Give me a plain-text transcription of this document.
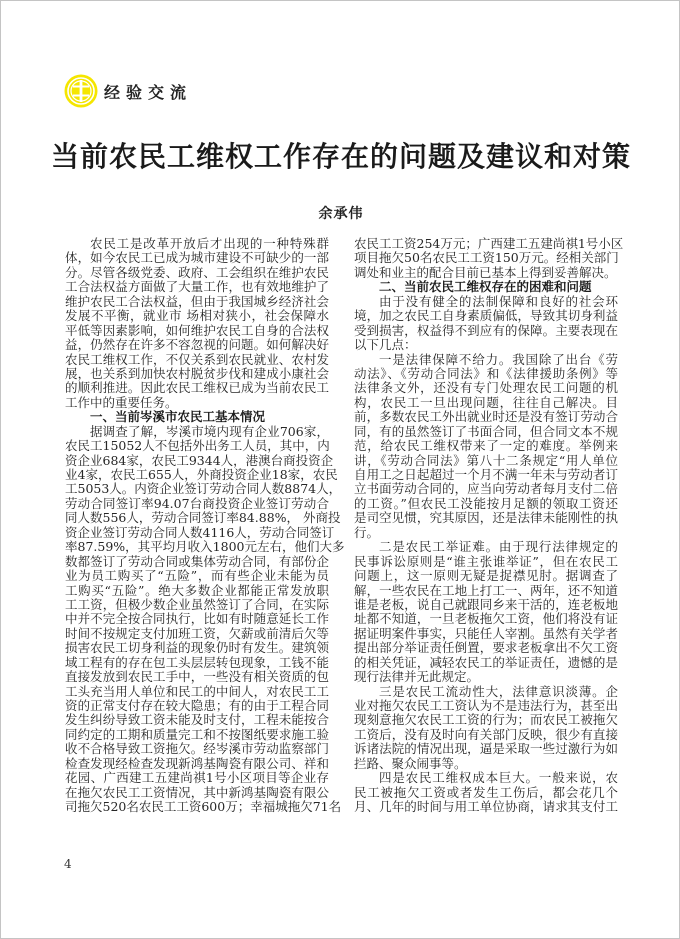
经验交流
当前农民工维权工作存在的问题及建议和对策
余承伟
农民工是改革开放后才出现的一种特殊群
体，如今农民工已成为城市建设不可缺少的一部
分。尽管各级党委、政府、工会组织在维护农民
工合法权益方面做了大量工作，也有效地维护了
维护农民工合法权益，但由于我国城乡经济社会
发展不平衡，就业市 场相对狭小，社会保障水
平低等因素影响，如何维护农民工自身的合法权
益，仍然存在许多不容忽视的问题。如何解决好
农民工维权工作，不仅关系到农民就业、农村发
展，也关系到加快农村脱贫步伐和建成小康社会
的顺利推进。因此农民工维权已成为当前农民工
工作中的重要任务。
一、当前岑溪市农民工基本情况
据调查了解，岑溪市境内现有企业706家，
农民工15052人不包括外出务工人员，其中，内
资企业684家，农民工9344人，港澳台商投资企
业4家，农民工655人，外商投资企业18家，农民
工5053人。内资企业签订劳动合同人数8874人，
劳动合同签订率94.07台商投资企业签订劳动合
同人数556人，劳动合同签订率84.88%， 外商投
资企业签订劳动合同人数4116人，劳动合同签订
率87.59%，其平均月收入1800元左右，他们大多
数都签订了劳动合同或集体劳动合同，有部份企
业为员工购买了“五险”，而有些企业未能为员
工购买“五险”。绝大多数企业都能正常发放职
工工资，但极少数企业虽然签订了合同，在实际
中并不完全按合同执行，比如有时随意延长工作
时间不按规定支付加班工资，欠薪或前清后欠等
损害农民工切身利益的现象仍时有发生。建筑领
域工程有的存在包工头层层转包现象，工钱不能
直接发放到农民工手中，一些没有相关资质的包
工头充当用人单位和民工的中间人，对农民工工
资的正常支付存在较大隐患；有的由于工程合同
发生纠纷导致工资未能及时支付，工程未能按合
同约定的工期和质量完工和不按图纸要求施工验
收不合格导致工资拖欠。经岑溪市劳动监察部门
检查发现经检查发现新鸿基陶瓷有限公司、祥和
花园、广西建工五建尚祺1号小区项目等企业存
在拖欠农民工工资情况，其中新鸿基陶瓷有限公
司拖欠520名农民工工资600万；幸福城拖欠71名
农民工工资254万元；广西建工五建尚祺1号小区
项目拖欠50名农民工工资150万元。经相关部门
调处和业主的配合目前已基本上得到妥善解决。
二、当前农民工维权存在的困难和问题
由于没有健全的法制保障和良好的社会环
境，加之农民工自身素质偏低，导致其切身利益
受到损害，权益得不到应有的保障。主要表现在
以下几点：
一是法律保障不给力。我国除了出台《劳
动法》、《劳动合同法》和《法律援助条例》等
法律条文外，还没有专门处理农民工问题的机
构，农民工一旦出现问题，往往自己解决。目
前，多数农民工外出就业时还是没有签订劳动合
同，有的虽然签订了书面合同，但合同文本不规
范，给农民工维权带来了一定的难度。举例来
讲，《劳动合同法》第八十二条规定“用人单位
自用工之日起超过一个月不满一年未与劳动者订
立书面劳动合同的，应当向劳动者每月支付二倍
的工资。”但农民工没能按月足额的领取工资还
是司空见惯，究其原因，还是法律未能刚性的执
行。
二是农民工举证难。由于现行法律规定的
民事诉讼原则是“谁主张谁举证”，但在农民工
问题上，这一原则无疑是捉襟见肘。据调查了
解，一些农民在工地上打工一、两年，还不知道
谁是老板，说自己就跟同乡来干活的，连老板地
址都不知道，一旦老板拖欠工资，他们将没有证
据证明案件事实，只能任人宰割。虽然有关学者
提出部分举证责任倒置，要求老板拿出不欠工资
的相关凭证，减轻农民工的举证责任，遗憾的是
现行法律并无此规定。
三是农民工流动性大，法律意识淡薄。企
业对拖欠农民工工资认为不是违法行为，甚至出
现刻意拖欠农民工工资的行为；而农民工被拖欠
工资后，没有及时向有关部门反映，很少有直接
诉诸法院的情况出现，逼是采取一些过激行为如
拦路、聚众闹事等。
四是农民工维权成本巨大。一般来说，农
民工被拖欠工资或者发生工伤后，都会花几个
月、几年的时间与用工单位协商，请求其支付工
4
